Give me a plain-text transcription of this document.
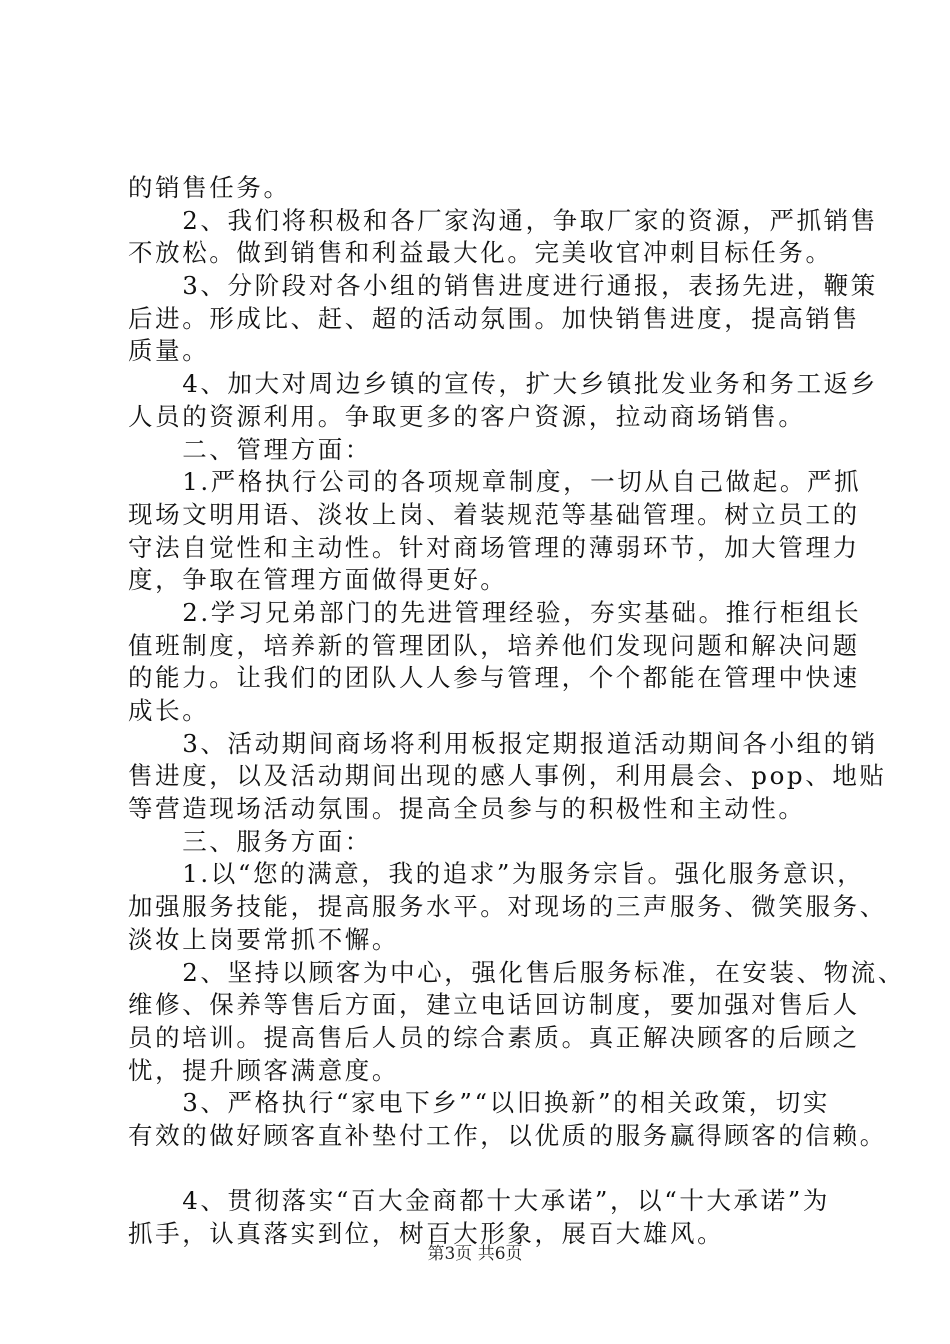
的销售任务。
　　2、我们将积极和各厂家沟通，争取厂家的资源，严抓销售
不放松。做到销售和利益最大化。完美收官冲刺目标任务。
　　3、分阶段对各小组的销售进度进行通报，表扬先进，鞭策
后进。形成比、赶、超的活动氛围。加快销售进度，提高销售
质量。
　　4、加大对周边乡镇的宣传，扩大乡镇批发业务和务工返乡
人员的资源利用。争取更多的客户资源，拉动商场销售。
　　二、管理方面：
　　1.严格执行公司的各项规章制度，一切从自己做起。严抓
现场文明用语、淡妆上岗、着装规范等基础管理。树立员工的
守法自觉性和主动性。针对商场管理的薄弱环节，加大管理力
度，争取在管理方面做得更好。
　　2.学习兄弟部门的先进管理经验，夯实基础。推行柜组长
值班制度，培养新的管理团队，培养他们发现问题和解决问题
的能力。让我们的团队人人参与管理，个个都能在管理中快速
成长。
　　3、活动期间商场将利用板报定期报道活动期间各小组的销
售进度，以及活动期间出现的感人事例，利用晨会、pop、地贴
等营造现场活动氛围。提高全员参与的积极性和主动性。
　　三、服务方面：
　　1.以“您的满意，我的追求”为服务宗旨。强化服务意识，
加强服务技能，提高服务水平。对现场的三声服务、微笑服务、
淡妆上岗要常抓不懈。
　　2、坚持以顾客为中心，强化售后服务标准，在安装、物流、
维修、保养等售后方面，建立电话回访制度，要加强对售后人
员的培训。提高售后人员的综合素质。真正解决顾客的后顾之
忧，提升顾客满意度。
　　3、严格执行“家电下乡”“以旧换新”的相关政策，切实
有效的做好顾客直补垫付工作，以优质的服务赢得顾客的信赖。
　　4、贯彻落实“百大金商都十大承诺”，以“十大承诺”为
抓手，认真落实到位，树百大形象，展百大雄风。
第3页 共6页
